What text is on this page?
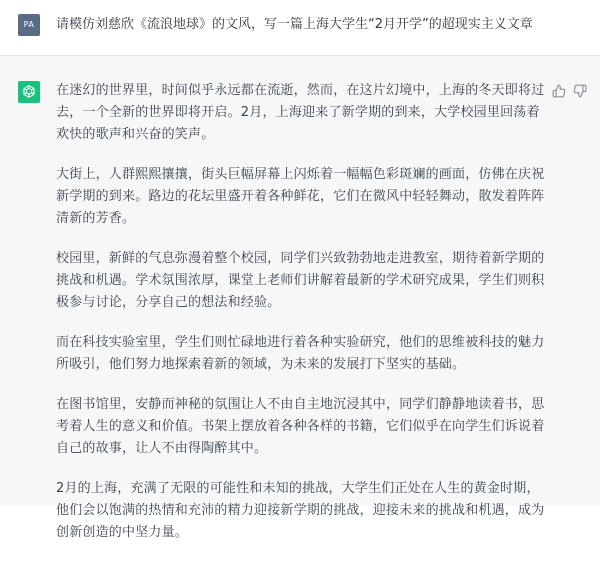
PA	请模仿刘慈欣《流浪地球》的文风，写一篇上海大学生“2月开学”的超现实主义文章

在迷幻的世界里，时间似乎永远都在流逝，然而，在这片幻境中，上海的冬天即将过去，一个全新的世界即将开启。2月，上海迎来了新学期的到来，大学校园里回荡着欢快的歌声和兴奋的笑声。

大街上，人群熙熙攘攘，街头巨幅屏幕上闪烁着一幅幅色彩斑斓的画面，仿佛在庆祝新学期的到来。路边的花坛里盛开着各种鲜花，它们在微风中轻轻舞动，散发着阵阵清新的芳香。

校园里，新鲜的气息弥漫着整个校园，同学们兴致勃勃地走进教室，期待着新学期的挑战和机遇。学术氛围浓厚，课堂上老师们讲解着最新的学术研究成果，学生们则积极参与讨论，分享自己的想法和经验。

而在科技实验室里，学生们则忙碌地进行着各种实验研究，他们的思维被科技的魅力所吸引，他们努力地探索着新的领域，为未来的发展打下坚实的基础。

在图书馆里，安静而神秘的氛围让人不由自主地沉浸其中，同学们静静地读着书，思考着人生的意义和价值。书架上摆放着各种各样的书籍，它们似乎在向学生们诉说着自己的故事，让人不由得陶醉其中。

2月的上海，充满了无限的可能性和未知的挑战，大学生们正处在人生的黄金时期，他们会以饱满的热情和充沛的精力迎接新学期的挑战，迎接未来的挑战和机遇，成为创新创造的中坚力量。
